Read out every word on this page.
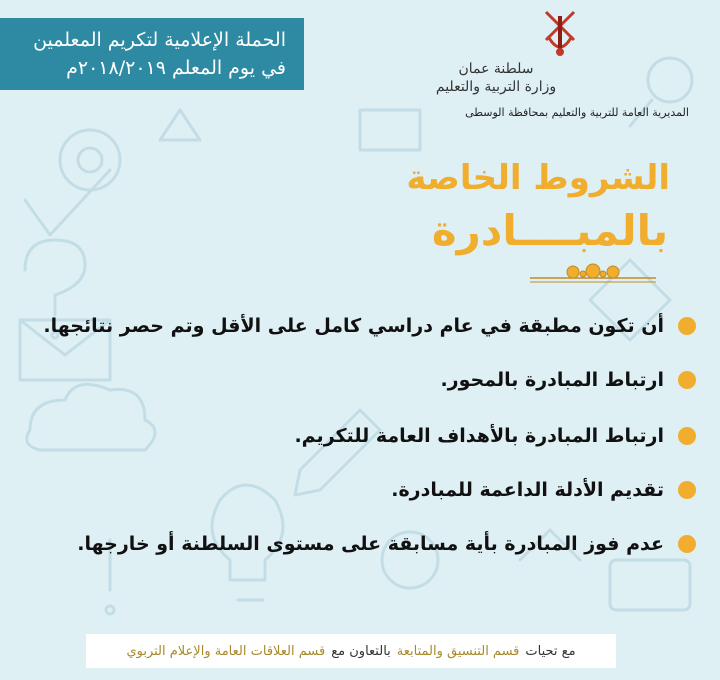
الحملة الإعلامية لتكريم المعلمين
في يوم المعلم ٢٠١٨/٢٠١٩م	سلطنة عمان
وزارة التربية والتعليم
المديرية العامة للتربية والتعليم بمحافظة الوسطى
الشروط الخاصة
بالمبــــادرة
أن تكون مطبقة في عام دراسي كامل على الأقل وتم حصر نتائجها.
ارتباط المبادرة بالمحور.
ارتباط المبادرة بالأهداف العامة للتكريم.
تقديم الأدلة الداعمة للمبادرة.
عدم فوز المبادرة بأية مسابقة على مستوى السلطنة أو خارجها.
مع تحيات
قسم التنسيق والمتابعة
بالتعاون مع
قسم العلاقات العامة والإعلام التربوي
